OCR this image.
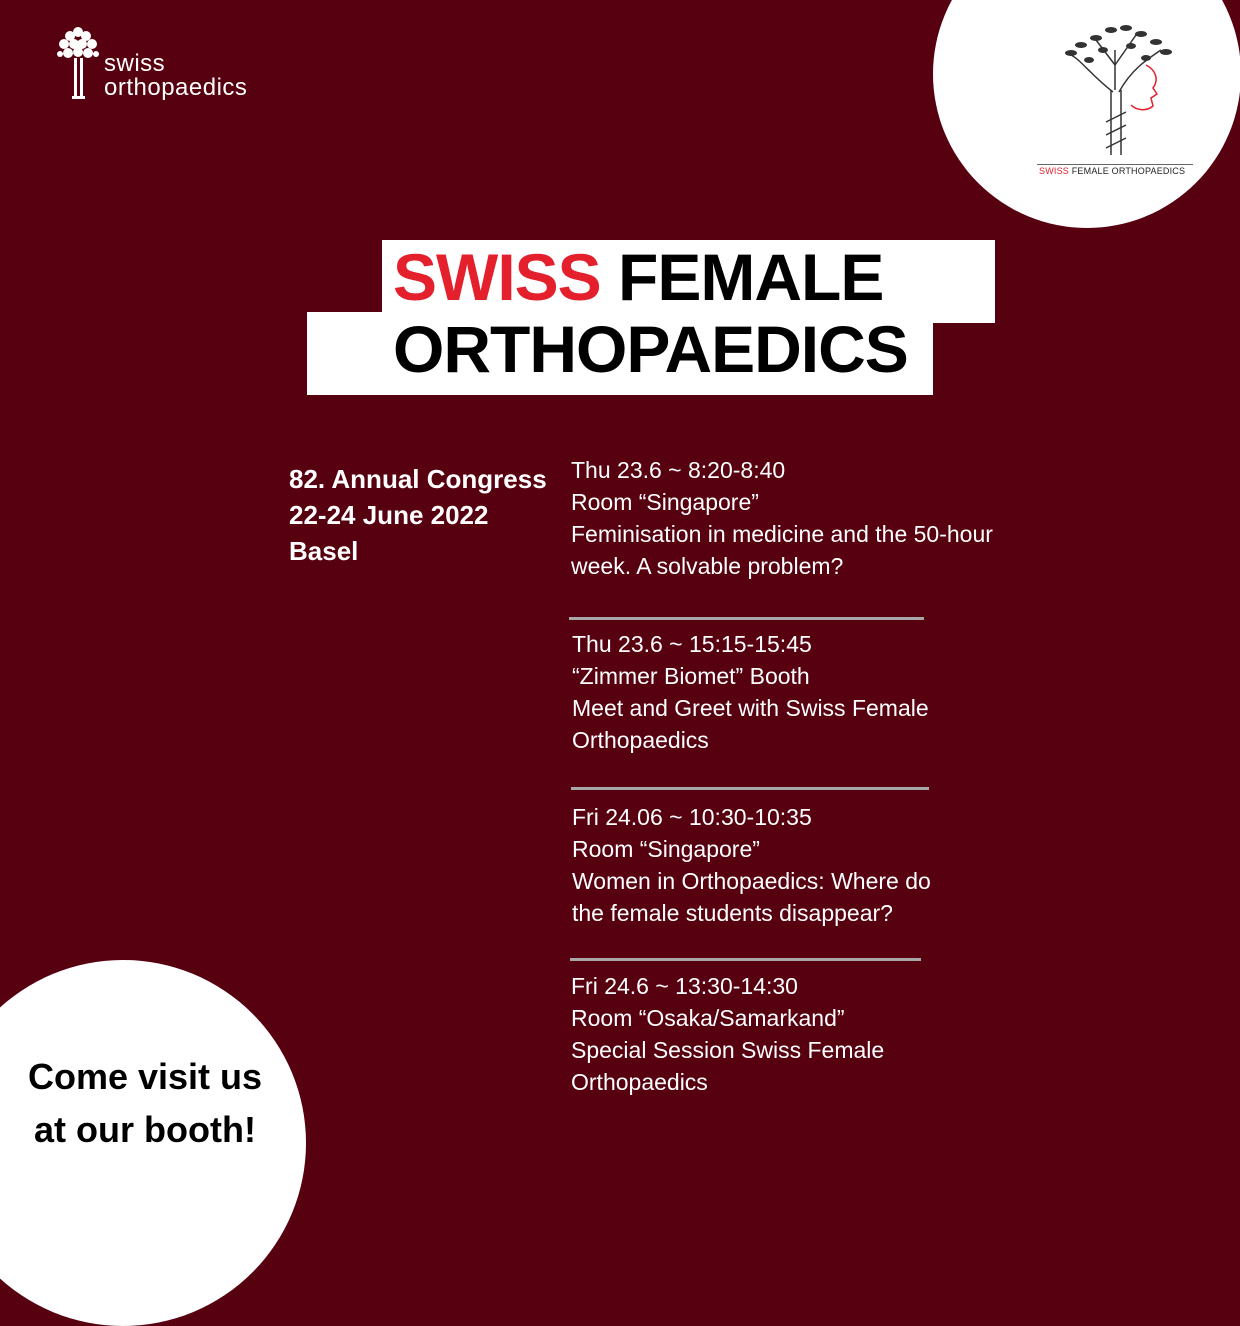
swiss
orthopaedics
SWISS FEMALE ORTHOPAEDICS
SWISS FEMALE
ORTHOPAEDICS
82. Annual Congress
22-24 June 2022
Basel
Thu 23.6 ~ 8:20-8:40
Room “Singapore”
Feminisation in medicine and the 50-hour
week. A solvable problem?
Thu 23.6 ~ 15:15-15:45
“Zimmer Biomet” Booth
Meet and Greet with Swiss Female
Orthopaedics
Fri 24.06 ~ 10:30-10:35
Room “Singapore”
Women in Orthopaedics: Where do
the female students disappear?
Fri 24.6 ~ 13:30-14:30
Room “Osaka/Samarkand”
Special Session Swiss Female
Orthopaedics
Come visit us
at our booth!
